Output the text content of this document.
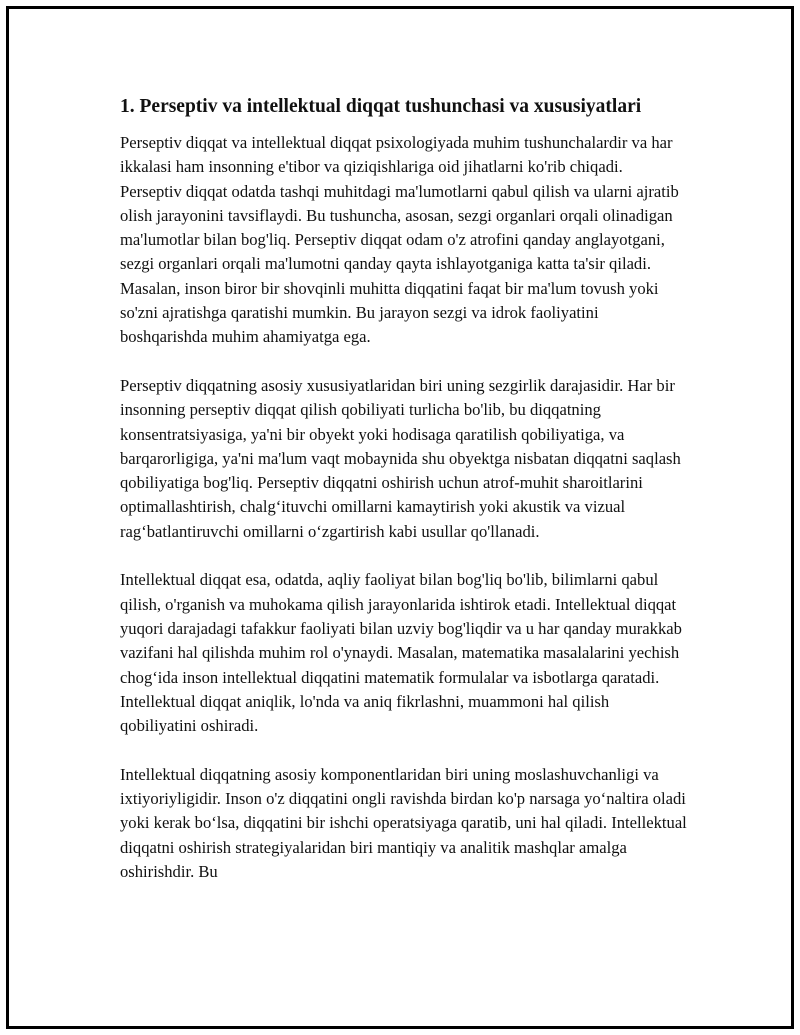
1. Perseptiv va intellektual diqqat tushunchasi va xususiyatlari

Perseptiv diqqat va intellektual diqqat psixologiyada muhim tushunchalardir va har ikkalasi ham insonning e'tibor va qiziqishlariga oid jihatlarni ko'rib chiqadi. Perseptiv diqqat odatda tashqi muhitdagi ma'lumotlarni qabul qilish va ularni ajratib olish jarayonini tavsiflaydi. Bu tushuncha, asosan, sezgi organlari orqali olinadigan ma'lumotlar bilan bog'liq. Perseptiv diqqat odam o'z atrofini qanday anglayotgani, sezgi organlari orqali ma'lumotni qanday qayta ishlayotganiga katta ta'sir qiladi. Masalan, inson biror bir shovqinli muhitta diqqatini faqat bir ma'lum tovush yoki so'zni ajratishga qaratishi mumkin. Bu jarayon sezgi va idrok faoliyatini boshqarishda muhim ahamiyatga ega.

Perseptiv diqqatning asosiy xususiyatlaridan biri uning sezgirlik darajasidir. Har bir insonning perseptiv diqqat qilish qobiliyati turlicha bo'lib, bu diqqatning konsentratsiyasiga, ya'ni bir obyekt yoki hodisaga qaratilish qobiliyatiga, va barqarorligiga, ya'ni ma'lum vaqt mobaynida shu obyektga nisbatan diqqatni saqlash qobiliyatiga bog'liq. Perseptiv diqqatni oshirish uchun atrof-muhit sharoitlarini optimallashtirish, chalg‘ituvchi omillarni kamaytirish yoki akustik va vizual rag‘batlantiruvchi omillarni o‘zgartirish kabi usullar qo'llanadi.

Intellektual diqqat esa, odatda, aqliy faoliyat bilan bog'liq bo'lib, bilimlarni qabul qilish, o'rganish va muhokama qilish jarayonlarida ishtirok etadi. Intellektual diqqat yuqori darajadagi tafakkur faoliyati bilan uzviy bog'liqdir va u har qanday murakkab vazifani hal qilishda muhim rol o'ynaydi. Masalan, matematika masalalarini yechish chog‘ida inson intellektual diqqatini matematik formulalar va isbotlarga qaratadi. Intellektual diqqat aniqlik, lo'nda va aniq fikrlashni, muammoni hal qilish qobiliyatini oshiradi.

Intellektual diqqatning asosiy komponentlaridan biri uning moslashuvchanligi va ixtiyoriyligidir. Inson o'z diqqatini ongli ravishda birdan ko'p narsaga yo‘naltira oladi yoki kerak bo‘lsa, diqqatini bir ishchi operatsiyaga qaratib, uni hal qiladi. Intellektual diqqatni oshirish strategiyalaridan biri mantiqiy va analitik mashqlar amalga oshirishdir. Bu
